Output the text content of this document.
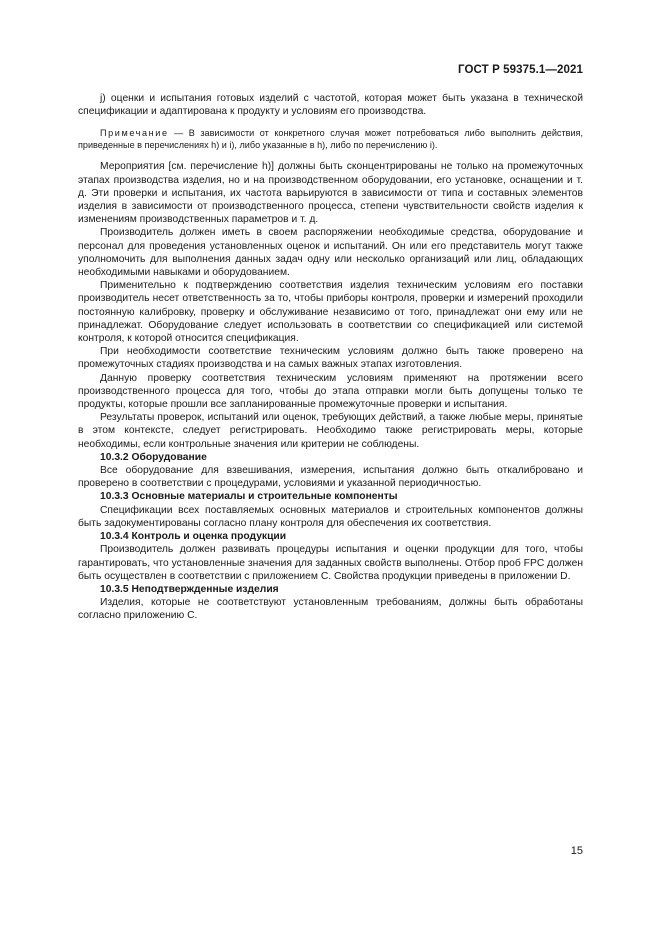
ГОСТ Р 59375.1—2021

j) оценки и испытания готовых изделий с частотой, которая может быть указана в технической спецификации и адаптирована к продукту и условиям его производства.

Примечание — В зависимости от конкретного случая может потребоваться либо выполнить действия, приведенные в перечислениях h) и i), либо указанные в h), либо по перечислению i).

Мероприятия [см. перечисление h)] должны быть сконцентрированы не только на промежуточных этапах производства изделия, но и на производственном оборудовании, его установке, оснащении и т. д. Эти проверки и испытания, их частота варьируются в зависимости от типа и составных элементов изделия в зависимости от производственного процесса, степени чувствительности свойств изделия к изменениям производственных параметров и т. д.

Производитель должен иметь в своем распоряжении необходимые средства, оборудование и персонал для проведения установленных оценок и испытаний. Он или его представитель могут также уполномочить для выполнения данных задач одну или несколько организаций или лиц, обладающих необходимыми навыками и оборудованием.

Применительно к подтверждению соответствия изделия техническим условиям его поставки производитель несет ответственность за то, чтобы приборы контроля, проверки и измерений проходили постоянную калибровку, проверку и обслуживание независимо от того, принадлежат они ему или не принадлежат. Оборудование следует использовать в соответствии со спецификацией или системой контроля, к которой относится спецификация.

При необходимости соответствие техническим условиям должно быть также проверено на промежуточных стадиях производства и на самых важных этапах изготовления.

Данную проверку соответствия техническим условиям применяют на протяжении всего производственного процесса для того, чтобы до этапа отправки могли быть допущены только те продукты, которые прошли все запланированные промежуточные проверки и испытания.

Результаты проверок, испытаний или оценок, требующих действий, а также любые меры, принятые в этом контексте, следует регистрировать. Необходимо также регистрировать меры, которые необходимы, если контрольные значения или критерии не соблюдены.

10.3.2 Оборудование

Все оборудование для взвешивания, измерения, испытания должно быть откалибровано и проверено в соответствии с процедурами, условиями и указанной периодичностью.

10.3.3 Основные материалы и строительные компоненты

Спецификации всех поставляемых основных материалов и строительных компонентов должны быть задокументированы согласно плану контроля для обеспечения их соответствия.

10.3.4 Контроль и оценка продукции

Производитель должен развивать процедуры испытания и оценки продукции для того, чтобы гарантировать, что установленные значения для заданных свойств выполнены. Отбор проб FPC должен быть осуществлен в соответствии с приложением С. Свойства продукции приведены в приложении D.

10.3.5 Неподтвержденные изделия

Изделия, которые не соответствуют установленным требованиям, должны быть обработаны согласно приложению С.

15
